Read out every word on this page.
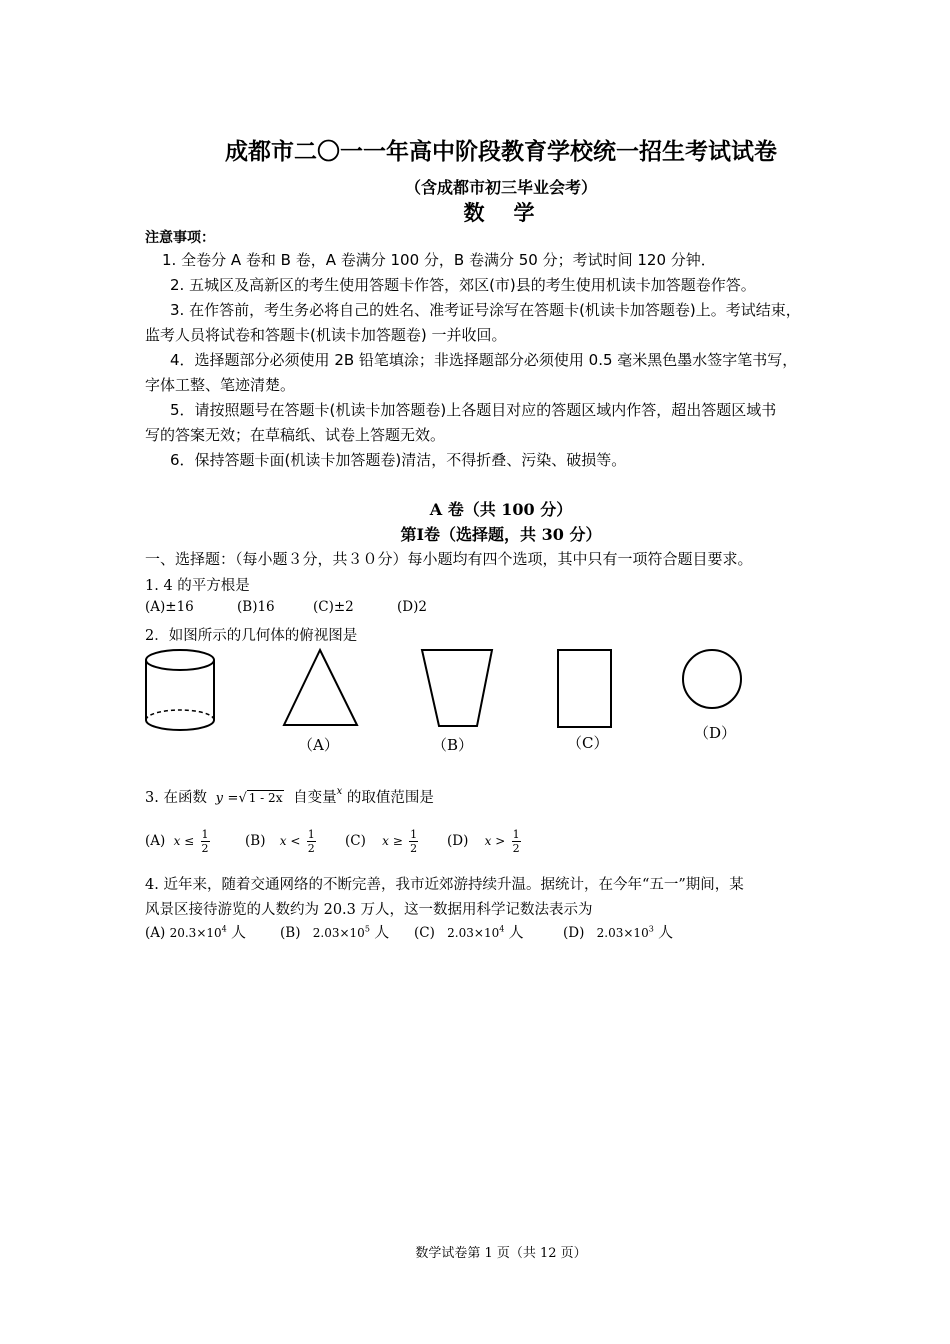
成都市二〇一一年高中阶段教育学校统一招生考试试卷
（含成都市初三毕业会考）
数　学
注意事项：
1. 全卷分 A 卷和 B 卷，A 卷满分 100 分，B 卷满分 50 分；考试时间 120 分钟．
2. 五城区及高新区的考生使用答题卡作答，郊区(市)县的考生使用机读卡加答题卷作答。
3. 在作答前，考生务必将自己的姓名、准考证号涂写在答题卡(机读卡加答题卷)上。考试结束，
监考人员将试卷和答题卡(机读卡加答题卷) 一并收回。
4．选择题部分必须使用 2B 铅笔填涂；非选择题部分必须使用 0.5 毫米黑色墨水签字笔书写，
字体工整、笔迹清楚。
5．请按照题号在答题卡(机读卡加答题卷)上各题目对应的答题区域内作答，超出答题区域书
写的答案无效；在草稿纸、试卷上答题无效。
6．保持答题卡面(机读卡加答题卷)清洁，不得折叠、污染、破损等。
A 卷（共 100 分）
第Ⅰ卷（选择题，共 30 分）
一、选择题：（每小题３分，共３０分）每小题均有四个选项，其中只有一项符合题目要求。
1. 4 的平方根是
(A)±16	(B)16	(C)±2	(D)2
2．如图所示的几何体的俯视图是
（A）	（B）	（C）
（D）
3. 在函数 y =√ 1 - 2x 自变量$^x$ 的取值范围是
(A) $x \le \frac{1}{2}$	(B) $x < \frac{1}{2} (C) x \ge \frac{1}{2} (D) x > \frac{1}{2}$
4. 近年来，随着交通网络的不断完善，我市近郊游持续升温。据统计，在今年“五一”期间，某
风景区接待游览的人数约为 20.3 万人，这一数据用科学记数法表示为
(A) $20.3\times 10^4$ 人	(B) $2.03\times 10^5$ 人 (C) $2.03\times 10^4$ 人	(D) $2.03\times 10^3$ 人
数学试卷第 1 页（共 12 页）
